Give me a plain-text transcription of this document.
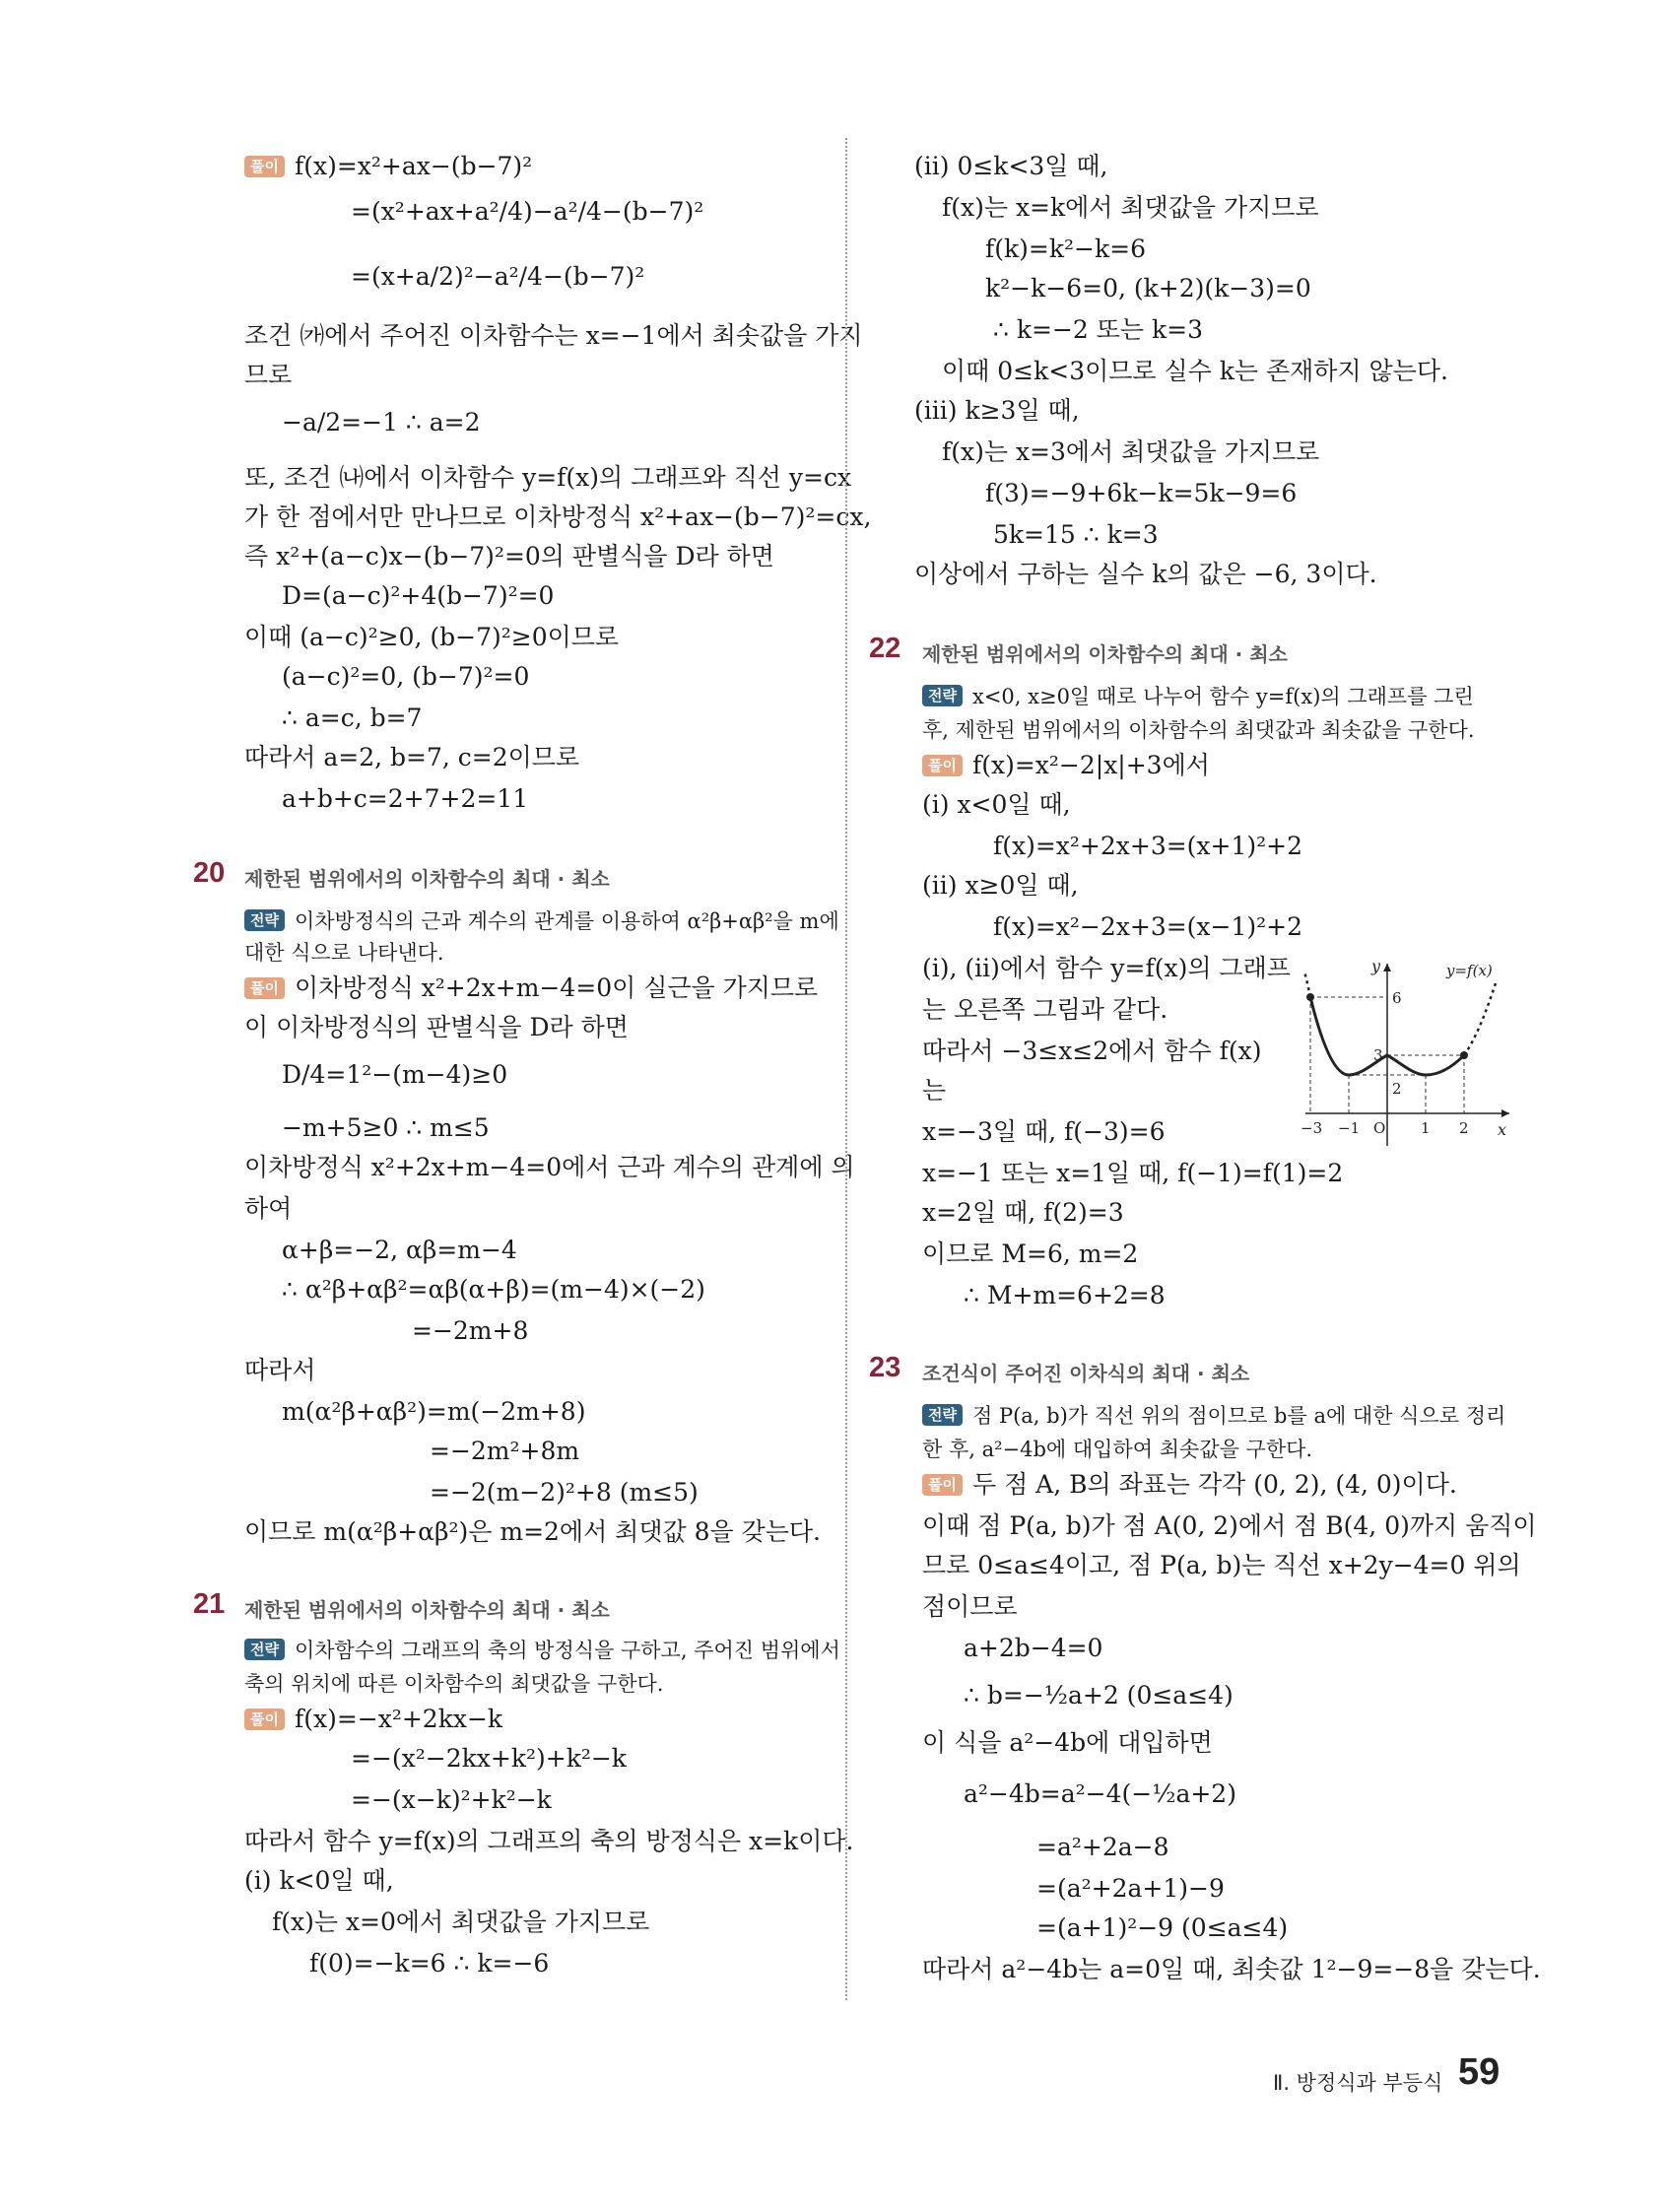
풀이 f(x)=x²+ax−(b−7)²
=(x²+ax+a²/4)−a²/4−(b−7)²
=(x+a/2)²−a²/4−(b−7)²
조건 ㈎에서 주어진 이차함수는 x=−1에서 최솟값을 가지
므로
−a/2=−1 ∴ a=2
또, 조건 ㈏에서 이차함수 y=f(x)의 그래프와 직선 y=cx
가 한 점에서만 만나므로 이차방정식 x²+ax−(b−7)²=cx,
즉 x²+(a−c)x−(b−7)²=0의 판별식을 D라 하면
D=(a−c)²+4(b−7)²=0
이때 (a−c)²≥0, (b−7)²≥0이므로
(a−c)²=0, (b−7)²=0
∴ a=c, b=7
따라서 a=2, b=7, c=2이므로
a+b+c=2+7+2=11
20 제한된 범위에서의 이차함수의 최대 · 최소
전략 이차방정식의 근과 계수의 관계를 이용하여 α²β+αβ²을 m에
대한 식으로 나타낸다.
풀이 이차방정식 x²+2x+m−4=0이 실근을 가지므로
이 이차방정식의 판별식을 D라 하면
D/4=1²−(m−4)≥0
−m+5≥0 ∴ m≤5
이차방정식 x²+2x+m−4=0에서 근과 계수의 관계에 의
하여
α+β=−2, αβ=m−4
∴ α²β+αβ²=αβ(α+β)=(m−4)×(−2)
=−2m+8
따라서
m(α²β+αβ²)=m(−2m+8)
=−2m²+8m
=−2(m−2)²+8 (m≤5)
이므로 m(α²β+αβ²)은 m=2에서 최댓값 8을 갖는다.
21 제한된 범위에서의 이차함수의 최대 · 최소
전략 이차함수의 그래프의 축의 방정식을 구하고, 주어진 범위에서
축의 위치에 따른 이차함수의 최댓값을 구한다.
풀이 f(x)=−x²+2kx−k
=−(x²−2kx+k²)+k²−k
=−(x−k)²+k²−k
따라서 함수 y=f(x)의 그래프의 축의 방정식은 x=k이다.
(i) k<0일 때,
f(x)는 x=0에서 최댓값을 가지므로
f(0)=−k=6 ∴ k=−6
(ii) 0≤k<3일 때,
f(x)는 x=k에서 최댓값을 가지므로
f(k)=k²−k=6
k²−k−6=0, (k+2)(k−3)=0
∴ k=−2 또는 k=3
이때 0≤k<3이므로 실수 k는 존재하지 않는다.
(iii) k≥3일 때,
f(x)는 x=3에서 최댓값을 가지므로
f(3)=−9+6k−k=5k−9=6
5k=15 ∴ k=3
이상에서 구하는 실수 k의 값은 −6, 3이다.
22 제한된 범위에서의 이차함수의 최대 · 최소
전략 x<0, x≥0일 때로 나누어 함수 y=f(x)의 그래프를 그린
후, 제한된 범위에서의 이차함수의 최댓값과 최솟값을 구한다.
풀이 f(x)=x²−2|x|+3에서
(i) x<0일 때,
f(x)=x²+2x+3=(x+1)²+2
(ii) x≥0일 때,
f(x)=x²−2x+3=(x−1)²+2
(i), (ii)에서 함수 y=f(x)의 그래프
는 오른쪽 그림과 같다.
따라서 −3≤x≤2에서 함수 f(x)
는
x=−3일 때, f(−3)=6
x=−1 또는 x=1일 때, f(−1)=f(1)=2
x=2일 때, f(2)=3
이므로 M=6, m=2
∴ M+m=6+2=8
23 조건식이 주어진 이차식의 최대 · 최소
전략 점 P(a, b)가 직선 위의 점이므로 b를 a에 대한 식으로 정리
한 후, a²−4b에 대입하여 최솟값을 구한다.
풀이 두 점 A, B의 좌표는 각각 (0, 2), (4, 0)이다.
이때 점 P(a, b)가 점 A(0, 2)에서 점 B(4, 0)까지 움직이
므로 0≤a≤4이고, 점 P(a, b)는 직선 x+2y−4=0 위의
점이므로
a+2b−4=0
∴ b=−½a+2 (0≤a≤4)
이 식을 a²−4b에 대입하면
a²−4b=a²−4(−½a+2)
=a²+2a−8
=(a²+2a+1)−9
=(a+1)²−9 (0≤a≤4)
따라서 a²−4b는 a=0일 때, 최솟값 1²−9=−8을 갖는다.
y
x
y=f(x)
O
6
3
2
−3 −1	1 2
Ⅱ. 방정식과 부등식 59
